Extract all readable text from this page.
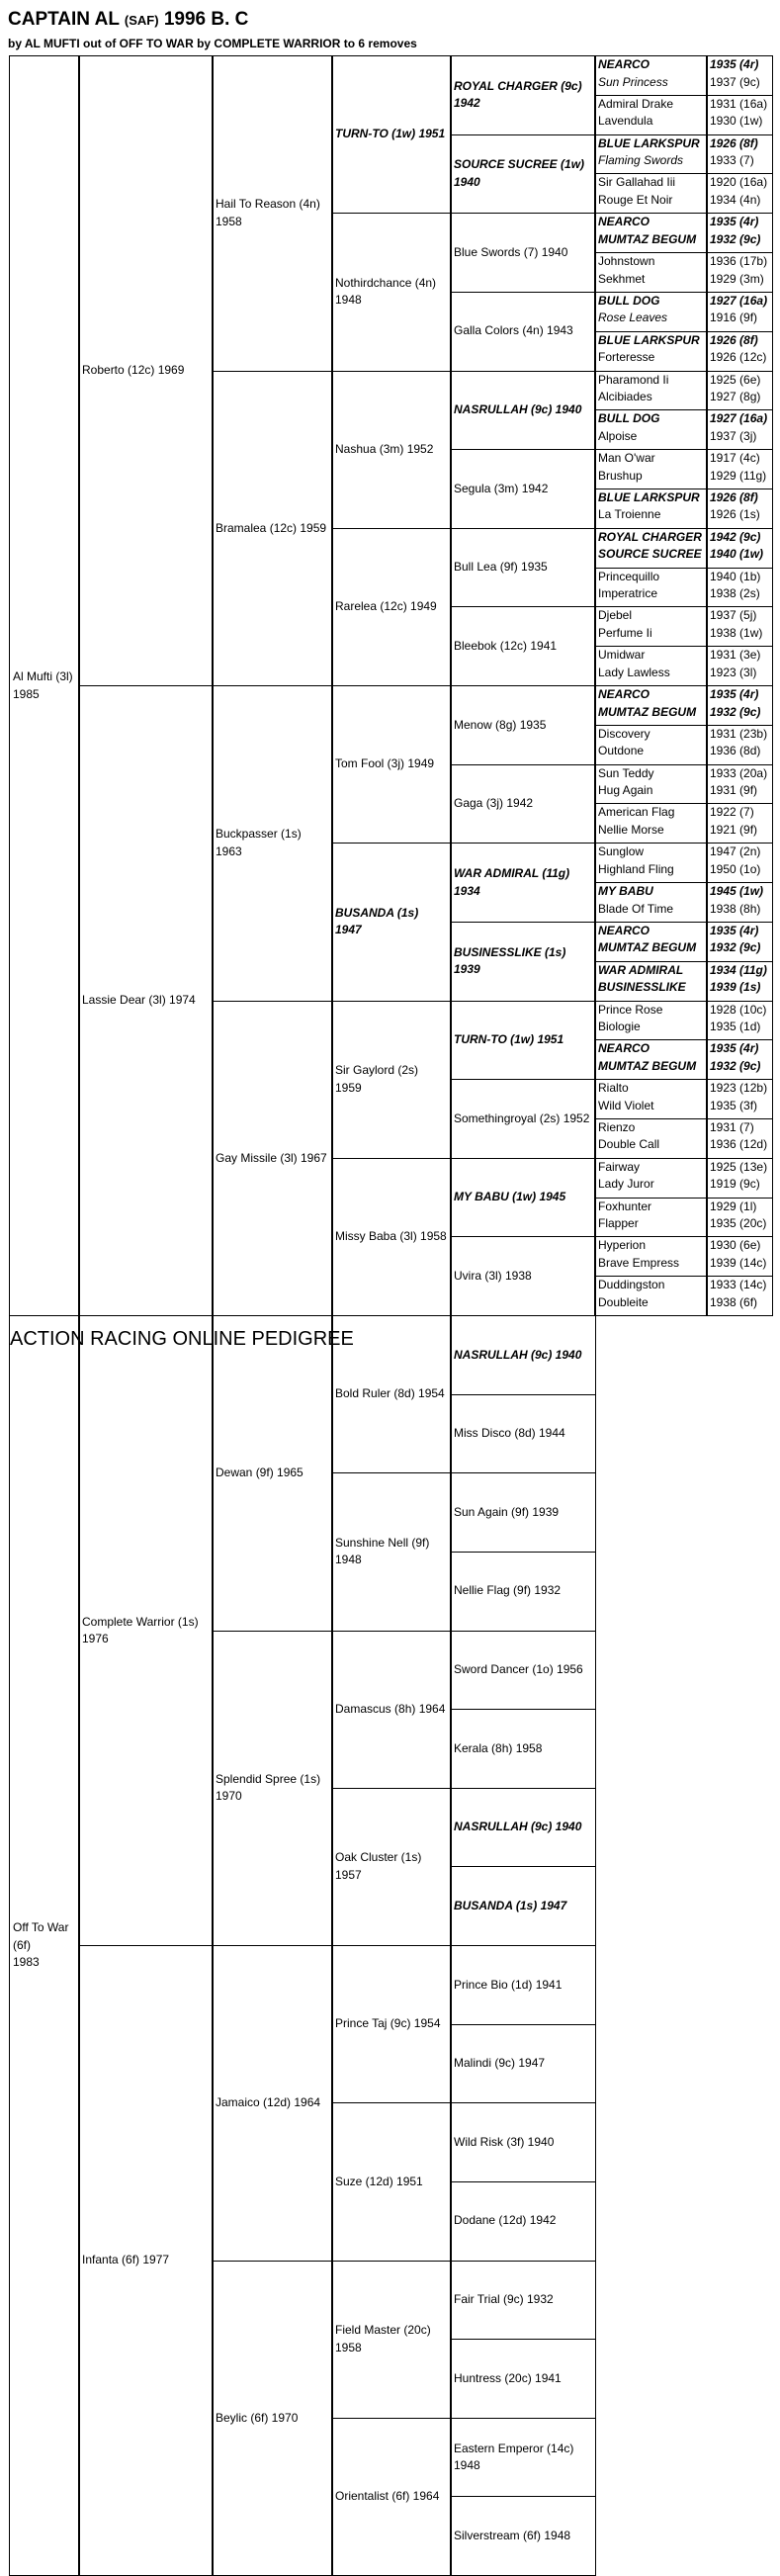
CAPTAIN AL (SAF) 1996 B. C
by AL MUFTI out of OFF TO WAR by COMPLETE WARRIOR to 6 removes
Al Mufti (3l)
1985
Off To War
(6f)
1983
Roberto (12c) 1969
Lassie Dear (3l) 1974
Complete Warrior (1s)
1976
Infanta (6f) 1977
Hail To Reason (4n)
1958
Bramalea (12c) 1959
Buckpasser (1s)
1963
Gay Missile (3l) 1967
Dewan (9f) 1965
Splendid Spree (1s)
1970
Jamaico (12d) 1964
Beylic (6f) 1970
TURN-TO (1w) 1951
Nothirdchance (4n)
1948
Nashua (3m) 1952
Rarelea (12c) 1949
Tom Fool (3j) 1949
BUSANDA (1s)
1947
Sir Gaylord (2s)
1959
Missy Baba (3l) 1958
Bold Ruler (8d) 1954
Sunshine Nell (9f)
1948
Damascus (8h) 1964
Oak Cluster (1s)
1957
Prince Taj (9c) 1954
Suze (12d) 1951
Field Master (20c)
1958
Orientalist (6f) 1964
ROYAL CHARGER (9c)
1942
SOURCE SUCREE (1w)
1940
Blue Swords (7) 1940
Galla Colors (4n) 1943
NASRULLAH (9c) 1940
Segula (3m) 1942
Bull Lea (9f) 1935
Bleebok (12c) 1941
Menow (8g) 1935
Gaga (3j) 1942
WAR ADMIRAL (11g)
1934
BUSINESSLIKE (1s)
1939
TURN-TO (1w) 1951
Somethingroyal (2s) 1952
MY BABU (1w) 1945
Uvira (3l) 1938
NASRULLAH (9c) 1940
Miss Disco (8d) 1944
Sun Again (9f) 1939
Nellie Flag (9f) 1932
Sword Dancer (1o) 1956
Kerala (8h) 1958
NASRULLAH (9c) 1940
BUSANDA (1s) 1947
Prince Bio (1d) 1941
Malindi (9c) 1947
Wild Risk (3f) 1940
Dodane (12d) 1942
Fair Trial (9c) 1932
Huntress (20c) 1941
Eastern Emperor (14c)
1948
Silverstream (6f) 1948
NEARCO
Sun Princess
1935 (4r)
1937 (9c)
Admiral Drake
Lavendula
1931 (16a)
1930 (1w)
BLUE LARKSPUR
Flaming Swords
1926 (8f)
1933 (7)
Sir Gallahad Iii
Rouge Et Noir
1920 (16a)
1934 (4n)
NEARCO
MUMTAZ BEGUM
1935 (4r)
1932 (9c)
Johnstown
Sekhmet
1936 (17b)
1929 (3m)
BULL DOG
Rose Leaves
1927 (16a)
1916 (9f)
BLUE LARKSPUR
Forteresse
1926 (8f)
1926 (12c)
Pharamond Ii
Alcibiades
1925 (6e)
1927 (8g)
BULL DOG
Alpoise
1927 (16a)
1937 (3j)
Man O'war
Brushup
1917 (4c)
1929 (11g)
BLUE LARKSPUR
La Troienne
1926 (8f)
1926 (1s)
ROYAL CHARGER
SOURCE SUCREE
1942 (9c)
1940 (1w)
Princequillo
Imperatrice
1940 (1b)
1938 (2s)
Djebel
Perfume Ii
1937 (5j)
1938 (1w)
Umidwar
Lady Lawless
1931 (3e)
1923 (3l)
NEARCO
MUMTAZ BEGUM
1935 (4r)
1932 (9c)
Discovery
Outdone
1931 (23b)
1936 (8d)
Sun Teddy
Hug Again
1933 (20a)
1931 (9f)
American Flag
Nellie Morse
1922 (7)
1921 (9f)
Sunglow
Highland Fling
1947 (2n)
1950 (1o)
MY BABU
Blade Of Time
1945 (1w)
1938 (8h)
NEARCO
MUMTAZ BEGUM
1935 (4r)
1932 (9c)
WAR ADMIRAL
BUSINESSLIKE
1934 (11g)
1939 (1s)
Prince Rose
Biologie
1928 (10c)
1935 (1d)
NEARCO
MUMTAZ BEGUM
1935 (4r)
1932 (9c)
Rialto
Wild Violet
1923 (12b)
1935 (3f)
Rienzo
Double Call
1931 (7)
1936 (12d)
Fairway
Lady Juror
1925 (13e)
1919 (9c)
Foxhunter
Flapper
1929 (1l)
1935 (20c)
Hyperion
Brave Empress
1930 (6e)
1939 (14c)
Duddingston
Doubleite
1933 (14c)
1938 (6f)
ACTION RACING ONLINE PEDIGREE
